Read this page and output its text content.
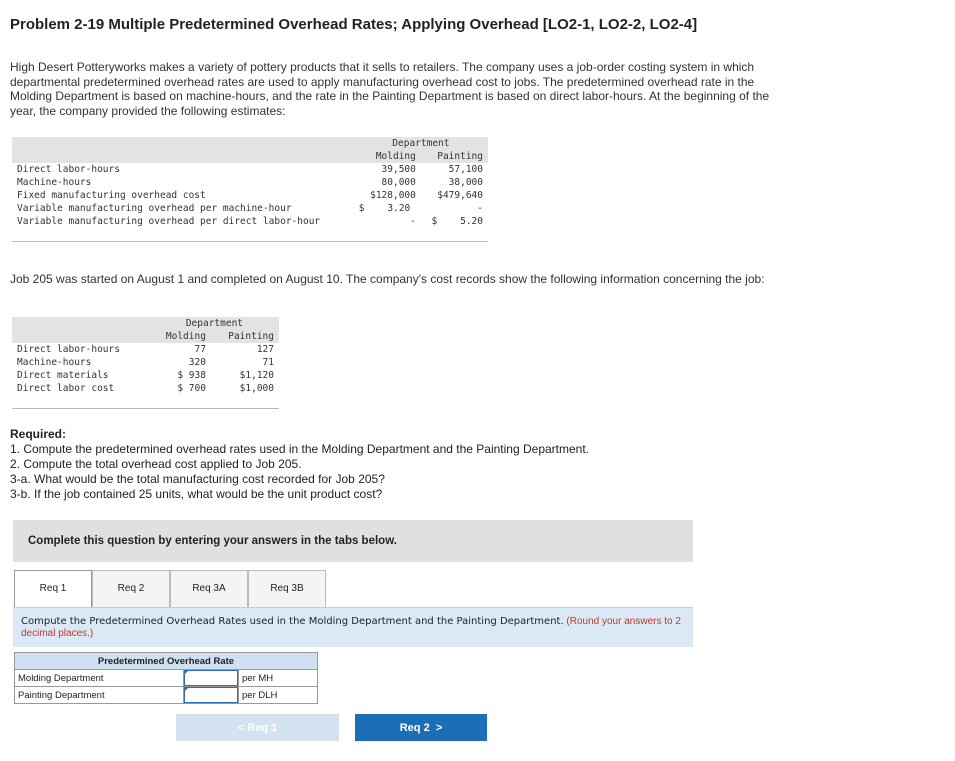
Problem 2-19 Multiple Predetermined Overhead Rates; Applying Overhead [LO2-1, LO2-2, LO2-4]
High Desert Potteryworks makes a variety of pottery products that it sells to retailers. The company uses a job-order costing system in which departmental predetermined overhead rates are used to apply manufacturing overhead cost to jobs. The predetermined overhead rate in the Molding Department is based on machine-hours, and the rate in the Painting Department is based on direct labor-hours. At the beginning of the year, the company provided the following estimates:
	Department	
	Molding	Painting
Direct labor-hours	39,500	57,100
Machine-hours	80,000	38,000
Fixed manufacturing overhead cost	$128,000	$479,640
Variable manufacturing overhead per machine-hour	$    3.20	-
Variable manufacturing overhead per direct labor-hour	-	$    5.20

Job 205 was started on August 1 and completed on August 10. The company's cost records show the following information concerning the job:
	Department	
	Molding	Painting
Direct labor-hours	77	127
Machine-hours	320	71
Direct materials	$ 938	$1,120
Direct labor cost	$ 700	$1,000

Required:
1. Compute the predetermined overhead rates used in the Molding Department and the Painting Department.
2. Compute the total overhead cost applied to Job 205.
3-a. What would be the total manufacturing cost recorded for Job 205?
3-b. If the job contained 25 units, what would be the unit product cost?
Complete this question by entering your answers in the tabs below.
Req 1	Req 2	Req 3A	Req 3B
Compute the Predetermined Overhead Rates used in the Molding Department and the Painting Department. (Round your answers to 2 decimal places.)
Predetermined Overhead Rate		
Molding Department		per MH
Painting Department		per DLH
< Req 1	Req 2  >
